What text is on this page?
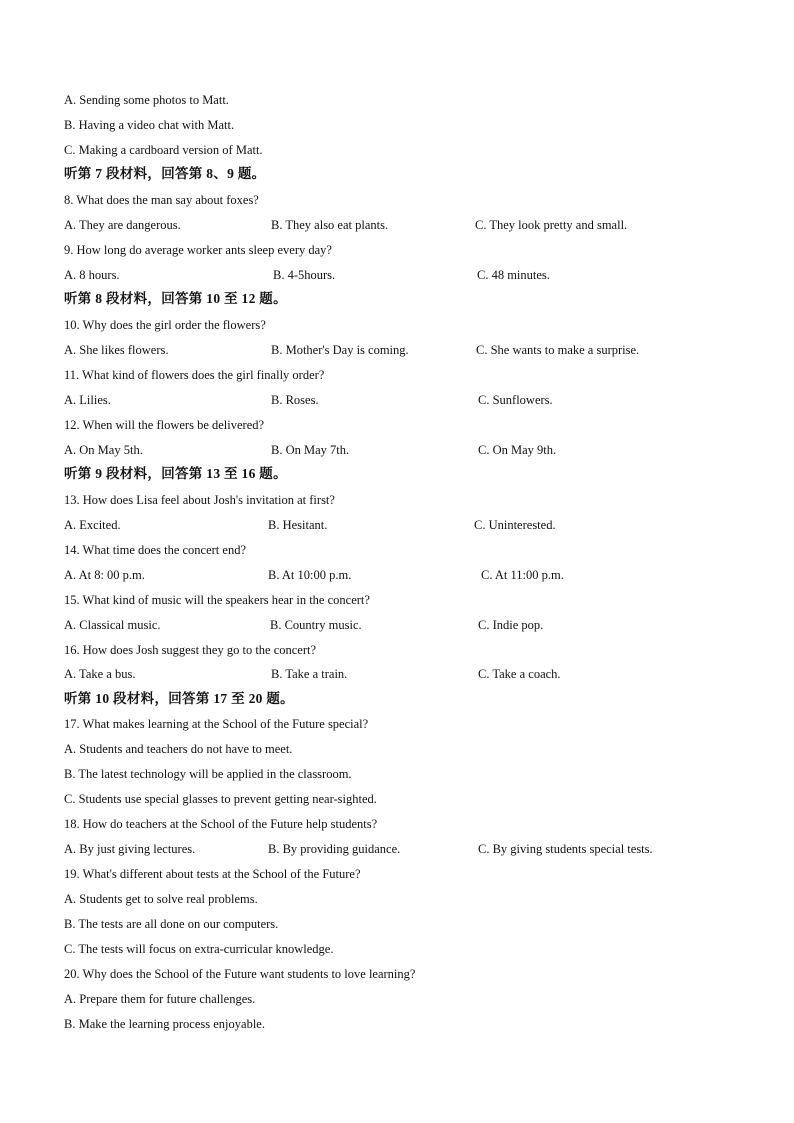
A. Sending some photos to Matt.
B. Having a video chat with Matt.
C. Making a cardboard version of Matt.
听第 7 段材料，回答第 8、9 题。
8. What does the man say about foxes?
A. They are dangerous.	B. They also eat plants.	C. They look pretty and small.
9. How long do average worker ants sleep every day?
A. 8 hours.	B. 4-5hours.	C. 48 minutes.
听第 8 段材料，回答第 10 至 12 题。
10. Why does the girl order the flowers?
A. She likes flowers.	B. Mother's Day is coming.	C. She wants to make a surprise.
11. What kind of flowers does the girl finally order?
A. Lilies.	B. Roses.	C. Sunflowers.
12. When will the flowers be delivered?
A. On May 5th.	B. On May 7th.	C. On May 9th.
听第 9 段材料，回答第 13 至 16 题。
13. How does Lisa feel about Josh's invitation at first?
A. Excited.	B. Hesitant.	C. Uninterested.
14. What time does the concert end?
A. At 8: 00 p.m.	B. At 10:00 p.m.	C. At 11:00 p.m.
15. What kind of music will the speakers hear in the concert?
A. Classical music.	B. Country music.	C. Indie pop.
16. How does Josh suggest they go to the concert?
A. Take a bus.	B. Take a train.	C. Take a coach.
听第 10 段材料，回答第 17 至 20 题。
17. What makes learning at the School of the Future special?
A. Students and teachers do not have to meet.
B. The latest technology will be applied in the classroom.
C. Students use special glasses to prevent getting near-sighted.
18. How do teachers at the School of the Future help students?
A. By just giving lectures.	B. By providing guidance.	C. By giving students special tests.
19. What's different about tests at the School of the Future?
A. Students get to solve real problems.
B. The tests are all done on our computers.
C. The tests will focus on extra-curricular knowledge.
20. Why does the School of the Future want students to love learning?
A. Prepare them for future challenges.
B. Make the learning process enjoyable.
